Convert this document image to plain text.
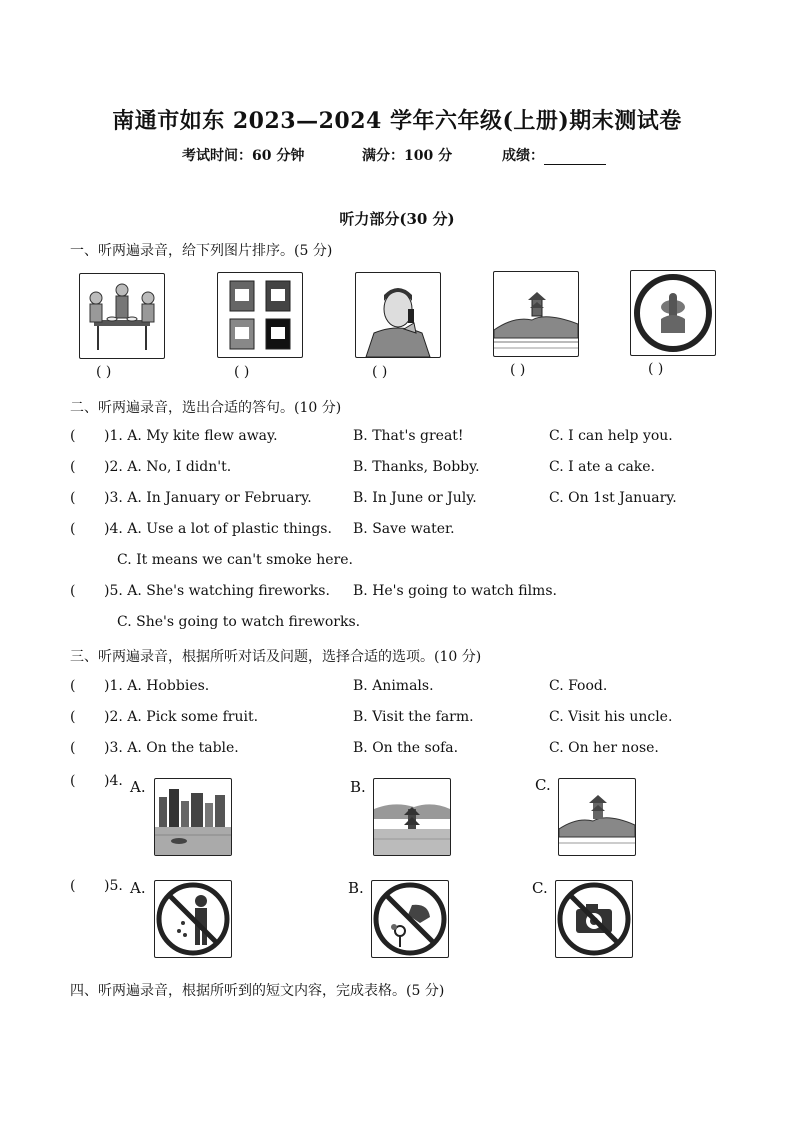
南通市如东 2023—2024 学年六年级(上册)期末测试卷
考试时间：60 分钟	满分：100 分	成绩：
听力部分(30 分)
一、听两遍录音，给下列图片排序。(5 分)
( )	( )	( )	( )	( )
二、听两遍录音，选出合适的答句。(10 分)
( )1. A. My kite flew away.	B. That's great!	C. I can help you.
( )2. A. No, I didn't.	B. Thanks, Bobby.	C. I ate a cake.
( )3. A. In January or February.	B. In June or July.	C. On 1st January.
( )4. A. Use a lot of plastic things. B. Save water.
C. It means we can't smoke here.
( )5. A. She's watching fireworks. B. He's going to watch films.
C. She's going to watch fireworks.
三、听两遍录音，根据所听对话及问题，选择合适的选项。(10 分)
( )1. A. Hobbies.	B. Animals.	C. Food.
( )2. A. Pick some fruit.	B. Visit the farm.	C. Visit his uncle.
( )3. A. On the table.	B. On the sofa.	C. On her nose.
( )4. A.	B.	C.
( )5. A.	B.	C.
四、听两遍录音，根据所听到的短文内容，完成表格。(5 分)
